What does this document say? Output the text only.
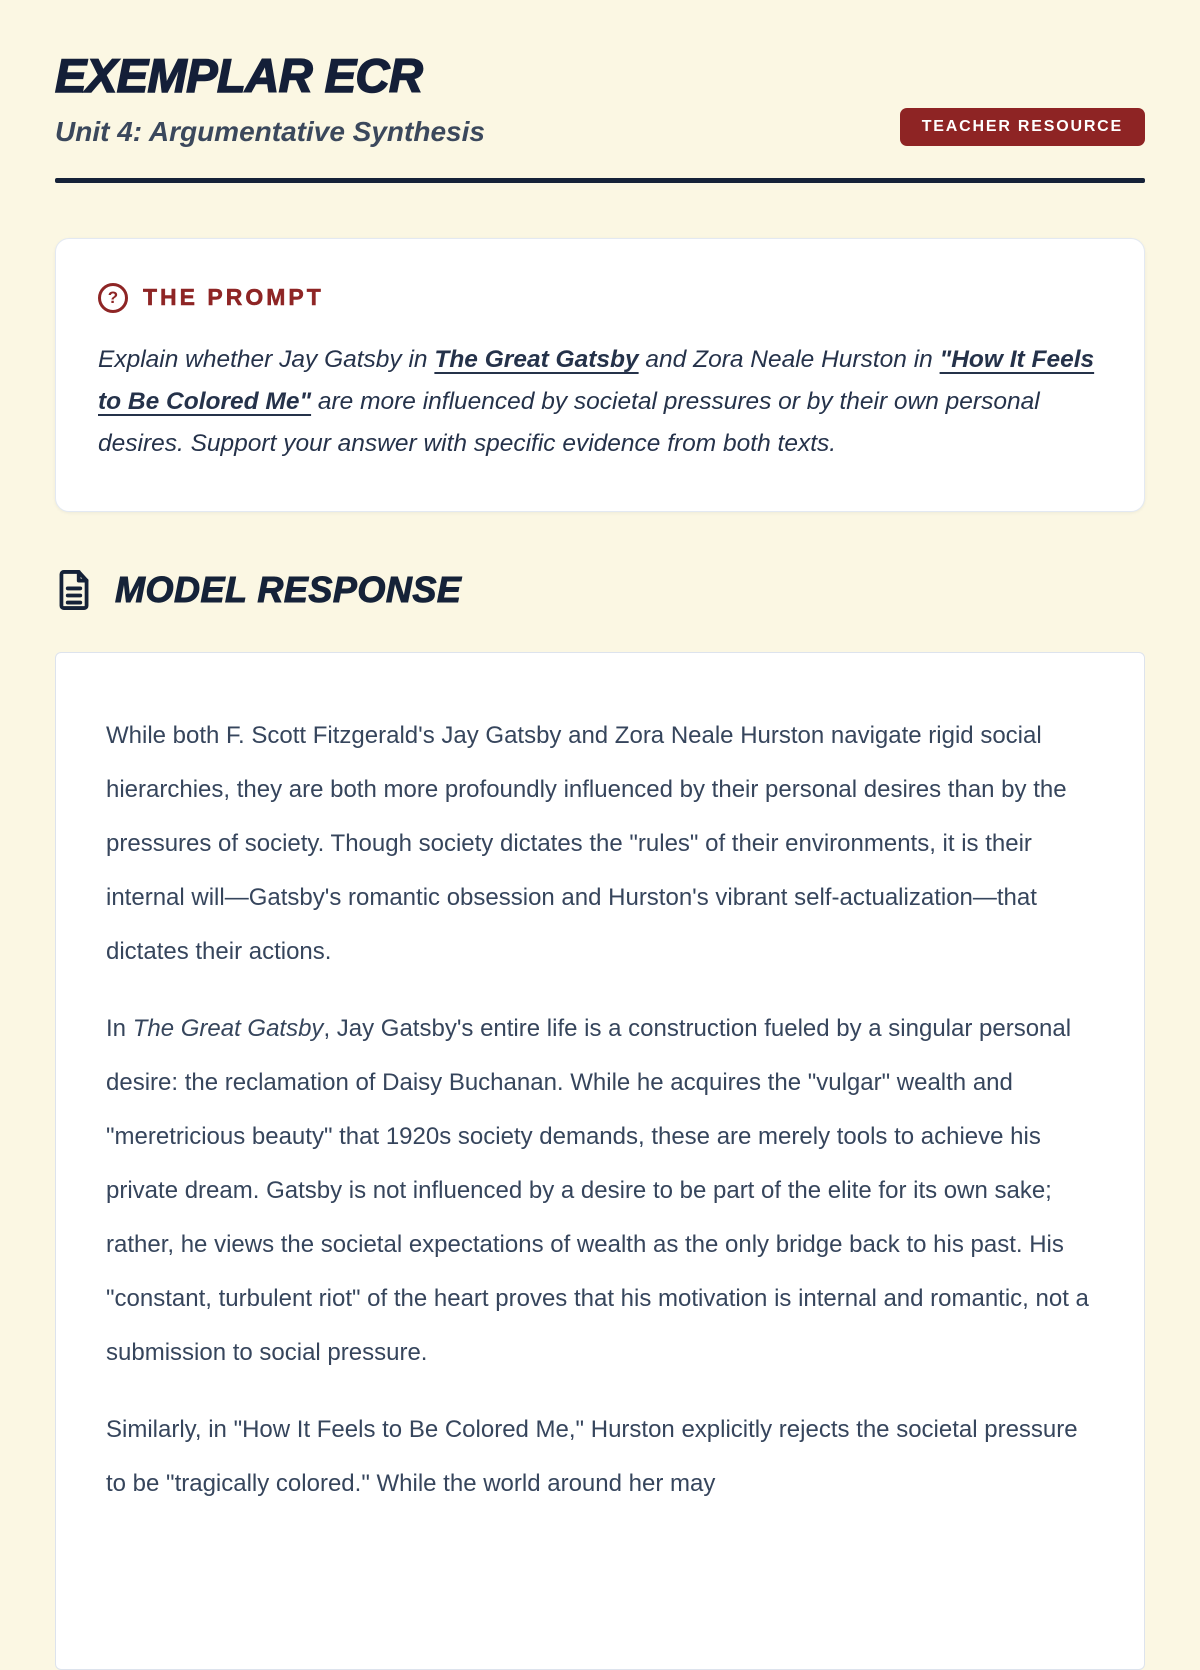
EXEMPLAR ECR
Unit 4: Argumentative Synthesis	TEACHER RESOURCE
?	THE PROMPT
Explain whether Jay Gatsby in The Great Gatsby and Zora Neale Hurston in "How It Feels to Be Colored Me" are more influenced by societal pressures or by their own personal desires. Support your answer with specific evidence from both texts.
MODEL RESPONSE

While both F. Scott Fitzgerald's Jay Gatsby and Zora Neale Hurston navigate rigid social hierarchies, they are both more profoundly influenced by their personal desires than by the pressures of society. Though society dictates the "rules" of their environments, it is their internal will—Gatsby's romantic obsession and Hurston's vibrant self-actualization—that dictates their actions.

In The Great Gatsby, Jay Gatsby's entire life is a construction fueled by a singular personal desire: the reclamation of Daisy Buchanan. While he acquires the "vulgar" wealth and "meretricious beauty" that 1920s society demands, these are merely tools to achieve his private dream. Gatsby is not influenced by a desire to be part of the elite for its own sake; rather, he views the societal expectations of wealth as the only bridge back to his past. His "constant, turbulent riot" of the heart proves that his motivation is internal and romantic, not a submission to social pressure.

Similarly, in "How It Feels to Be Colored Me," Hurston explicitly rejects the societal pressure to be "tragically colored." While the world around her may
